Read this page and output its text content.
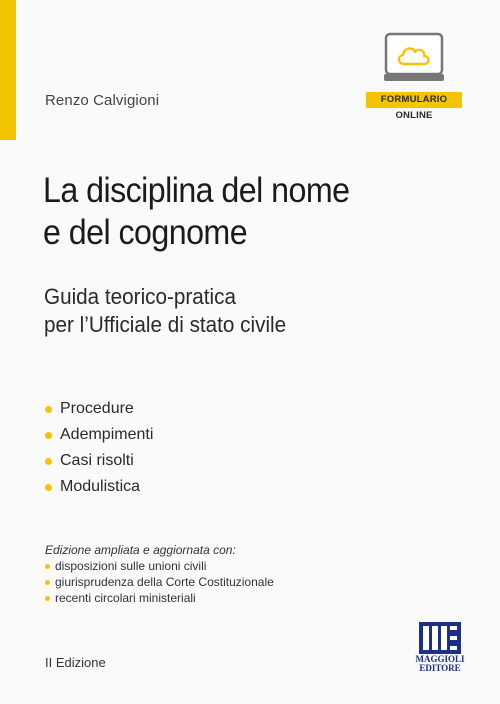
Renzo Calvigioni	FORMULARIO ONLINE
La disciplina del nome
e del cognome
Guida teorico-pratica
per l’Ufficiale di stato civile
Procedure
Adempimenti
Casi risolti
Modulistica
Edizione ampliata e aggiornata con:
disposizioni sulle unioni civili
giurisprudenza della Corte Costituzionale
recenti circolari ministeriali
II Edizione	MAGGIOLI
EDITORE
